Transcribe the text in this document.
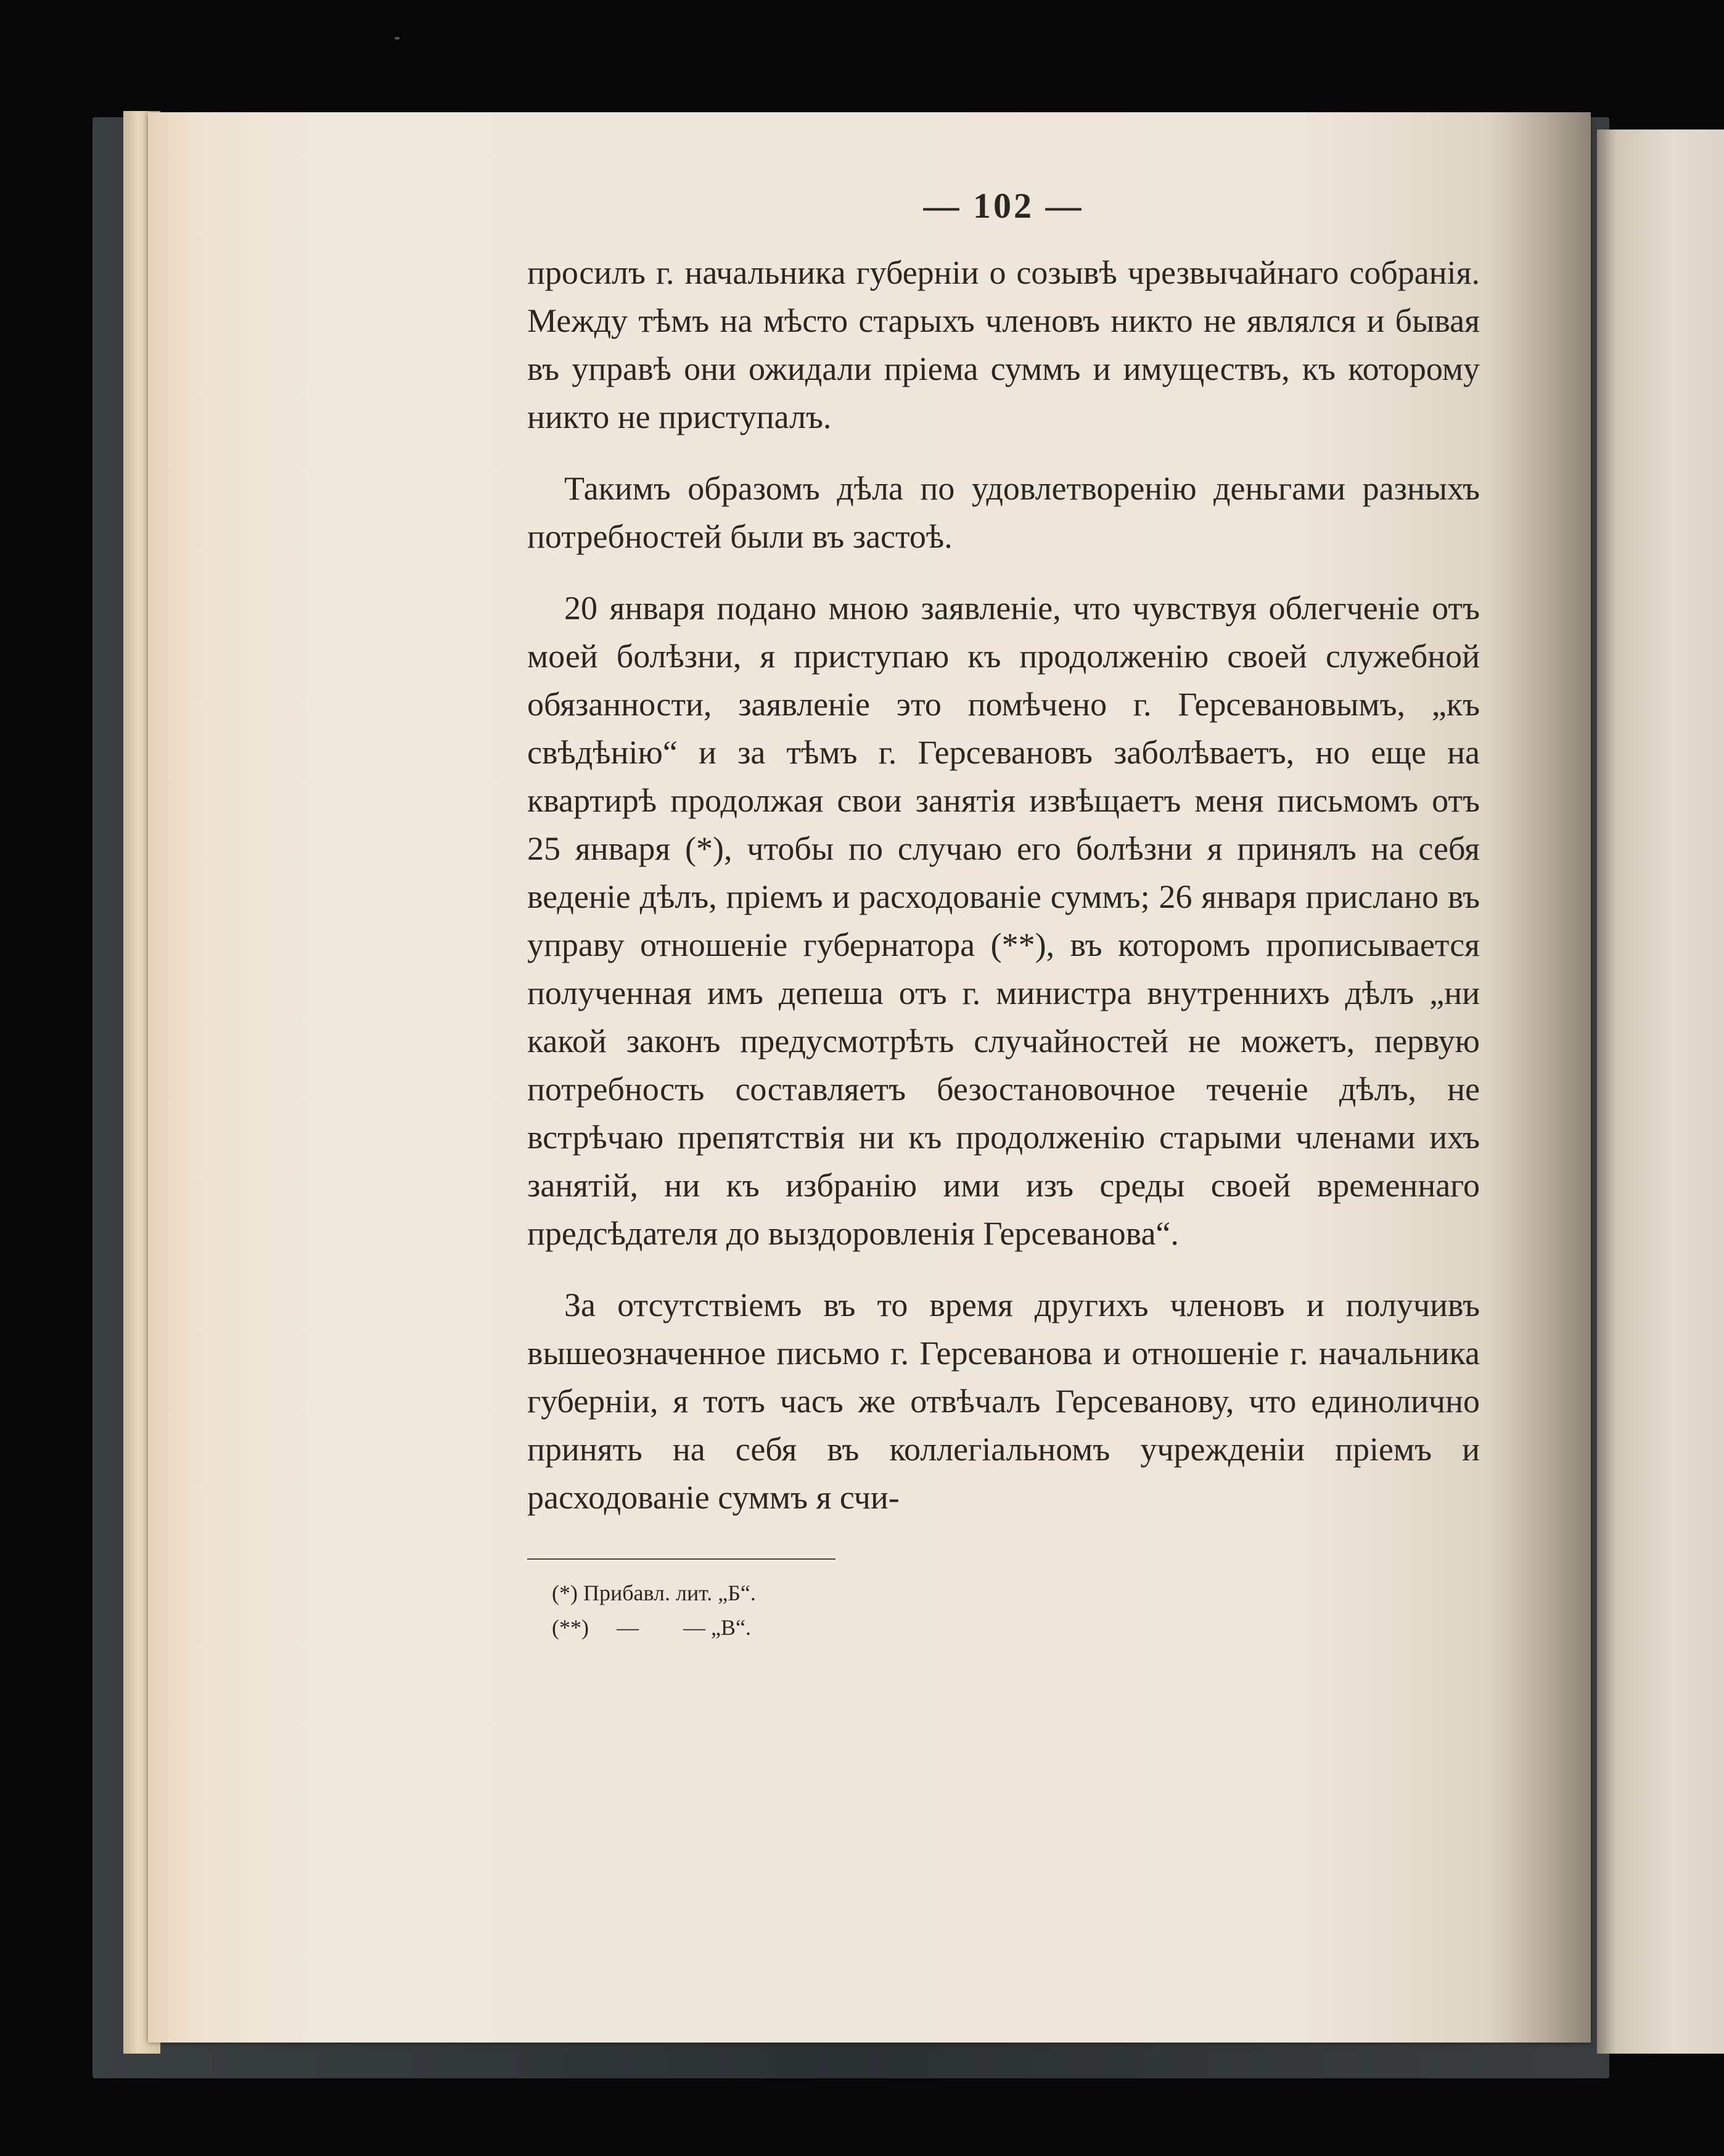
— 102 —

просилъ г. начальника губерніи о созывѣ чрезвычайнаго собранія. Между тѣмъ на мѣсто старыхъ членовъ никто не являлся и бывая въ управѣ они ожидали пріема суммъ и имуществъ, къ которому никто не приступалъ.

Такимъ образомъ дѣла по удовлетворенію деньгами разныхъ потребностей были въ застоѣ.

20 января подано мною заявленіе, что чувствуя облегченіе отъ моей болѣзни, я приступаю къ продолженію своей служебной обязанности, заявленіе это помѣчено г. Герсевановымъ, „къ свѣдѣнію“ и за тѣмъ г. Герсевановъ заболѣваетъ, но еще на квартирѣ продолжая свои занятія извѣщаетъ меня письмомъ отъ 25 января (*), чтобы по случаю его болѣзни я принялъ на себя веденіе дѣлъ, пріемъ и расходованіе суммъ; 26 января прислано въ управу отношеніе губернатора (**), въ которомъ прописывается полученная имъ депеша отъ г. министра внутреннихъ дѣлъ „ни какой законъ предусмотрѣть случайностей не можетъ, первую потребность составляетъ безостановочное теченіе дѣлъ, не встрѣчаю препятствія ни къ продолженію старыми членами ихъ занятій, ни къ избранію ими изъ среды своей временнаго предсѣдателя до выздоровленія Герсеванова“.

За отсутствіемъ въ то время другихъ членовъ и получивъ вышеозначенное письмо г. Герсеванова и отношеніе г. начальника губерніи, я тотъ часъ же отвѣчалъ Герсеванову, что единолично принять на себя въ коллегіальномъ учрежденіи пріемъ и расходованіе суммъ я счи-

(*) Прибавл. лит. „Б“.
(**)     —        — „В“.
